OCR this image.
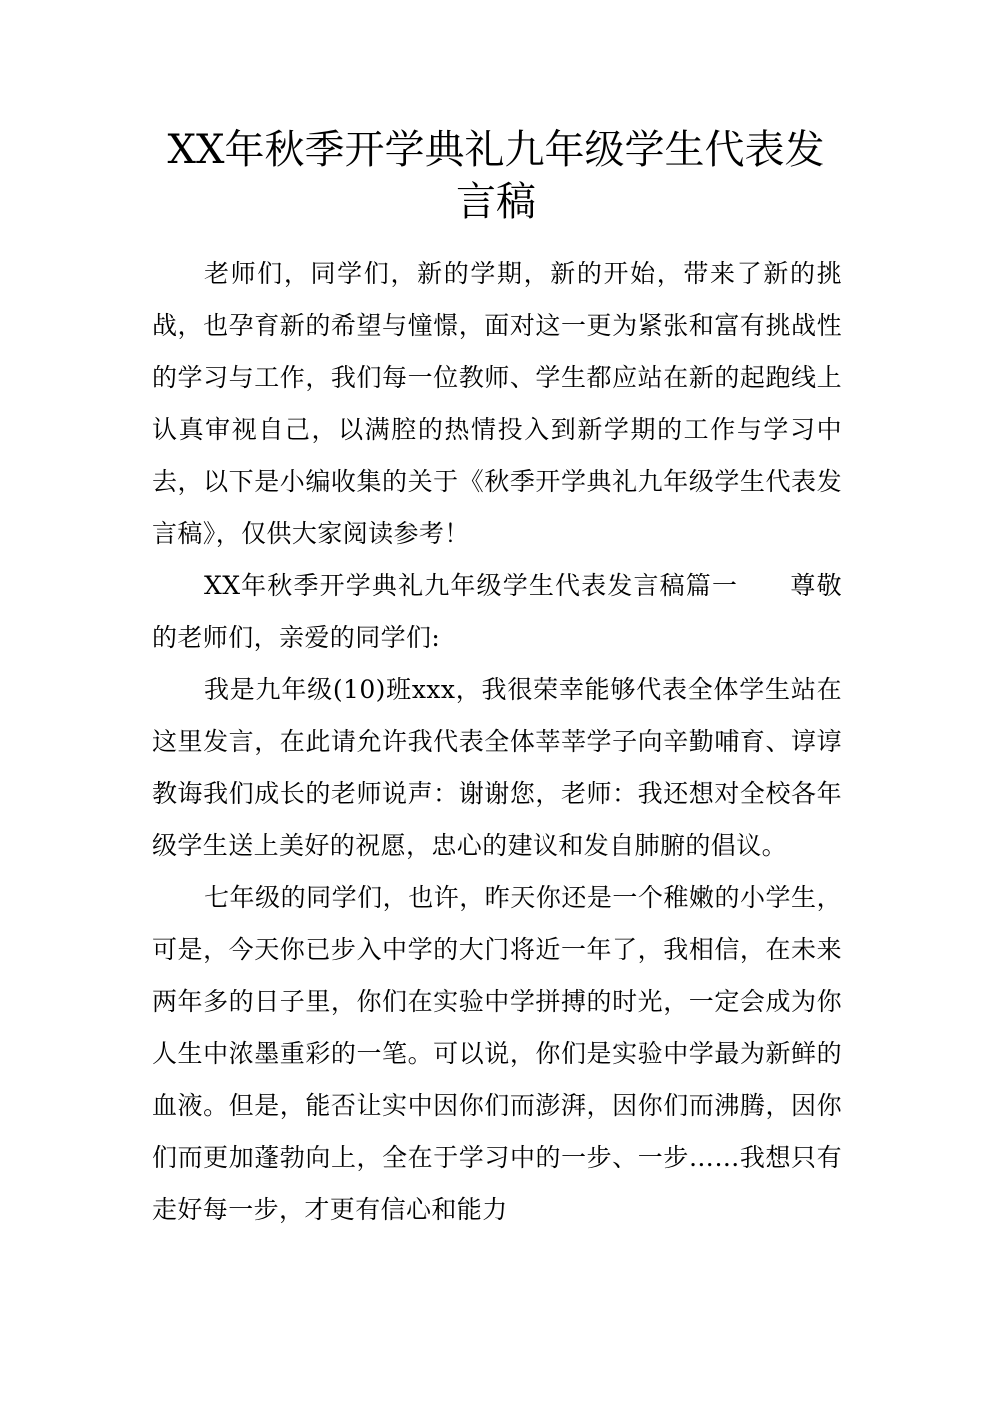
XX年秋季开学典礼九年级学生代表发言稿

老师们，同学们，新的学期，新的开始，带来了新的挑战，也孕育新的希望与憧憬，面对这一更为紧张和富有挑战性的学习与工作，我们每一位教师、学生都应站在新的起跑线上认真审视自己，以满腔的热情投入到新学期的工作与学习中去，以下是小编收集的关于《秋季开学典礼九年级学生代表发言稿》，仅供大家阅读参考！

XX年秋季开学典礼九年级学生代表发言稿篇一　　尊敬的老师们，亲爱的同学们:

我是九年级(10)班xxx，我很荣幸能够代表全体学生站在这里发言，在此请允许我代表全体莘莘学子向辛勤哺育、谆谆教诲我们成长的老师说声：谢谢您，老师：我还想对全校各年级学生送上美好的祝愿，忠心的建议和发自肺腑的倡议。

七年级的同学们，也许，昨天你还是一个稚嫩的小学生，可是，今天你已步入中学的大门将近一年了，我相信，在未来两年多的日子里，你们在实验中学拼搏的时光，一定会成为你人生中浓墨重彩的一笔。可以说，你们是实验中学最为新鲜的血液。但是，能否让实中因你们而澎湃，因你们而沸腾，因你们而更加蓬勃向上，全在于学习中的一步、一步……我想只有走好每一步，才更有信心和能力
